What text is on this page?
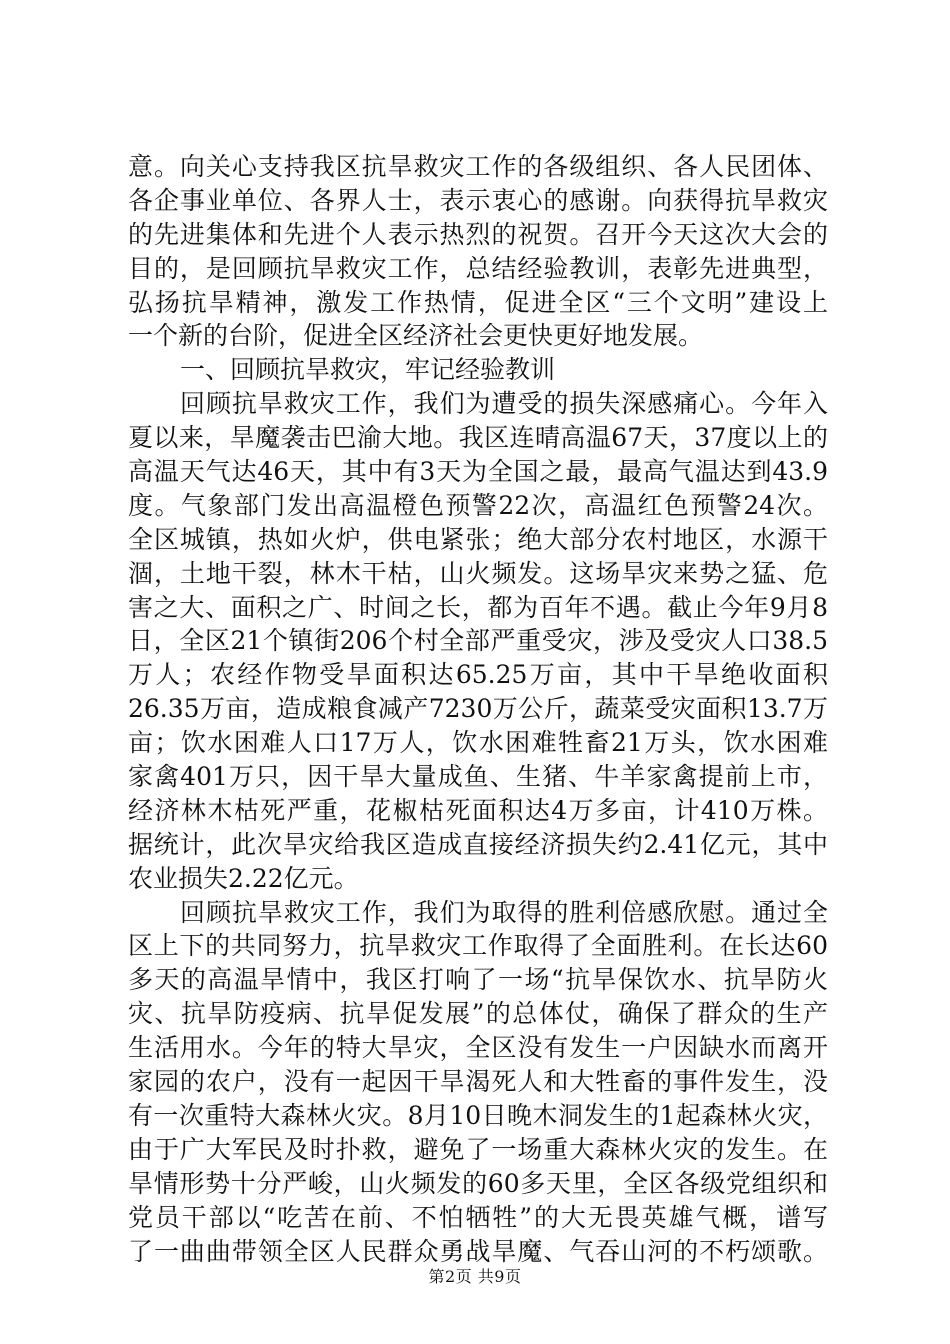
意。向关心支持我区抗旱救灾工作的各级组织、各人民团体、
各企事业单位、各界人士，表示衷心的感谢。向获得抗旱救灾
的先进集体和先进个人表示热烈的祝贺。召开今天这次大会的
目的，是回顾抗旱救灾工作，总结经验教训，表彰先进典型，
弘扬抗旱精神，激发工作热情，促进全区“三个文明”建设上
一个新的台阶，促进全区经济社会更快更好地发展。
一、回顾抗旱救灾，牢记经验教训
回顾抗旱救灾工作，我们为遭受的损失深感痛心。今年入
夏以来，旱魔袭击巴渝大地。我区连晴高温67天，37度以上的
高温天气达46天，其中有3天为全国之最，最高气温达到43.9
度。气象部门发出高温橙色预警22次，高温红色预警24次。
全区城镇，热如火炉，供电紧张；绝大部分农村地区，水源干
涸，土地干裂，林木干枯，山火频发。这场旱灾来势之猛、危
害之大、面积之广、时间之长，都为百年不遇。截止今年9月8
日，全区21个镇街206个村全部严重受灾，涉及受灾人口38.5
万人；农经作物受旱面积达65.25万亩，其中干旱绝收面积
26.35万亩，造成粮食减产7230万公斤，蔬菜受灾面积13.7万
亩；饮水困难人口17万人，饮水困难牲畜21万头，饮水困难
家禽401万只，因干旱大量成鱼、生猪、牛羊家禽提前上市，
经济林木枯死严重，花椒枯死面积达4万多亩，计410万株。
据统计，此次旱灾给我区造成直接经济损失约2.41亿元，其中
农业损失2.22亿元。
回顾抗旱救灾工作，我们为取得的胜利倍感欣慰。通过全
区上下的共同努力，抗旱救灾工作取得了全面胜利。在长达60
多天的高温旱情中，我区打响了一场“抗旱保饮水、抗旱防火
灾、抗旱防疫病、抗旱促发展”的总体仗，确保了群众的生产
生活用水。今年的特大旱灾，全区没有发生一户因缺水而离开
家园的农户，没有一起因干旱渴死人和大牲畜的事件发生，没
有一次重特大森林火灾。8月10日晚木洞发生的1起森林火灾，
由于广大军民及时扑救，避免了一场重大森林火灾的发生。在
旱情形势十分严峻，山火频发的60多天里，全区各级党组织和
党员干部以“吃苦在前、不怕牺牲”的大无畏英雄气概，谱写
了一曲曲带领全区人民群众勇战旱魔、气吞山河的不朽颂歌。
第2页 共9页
